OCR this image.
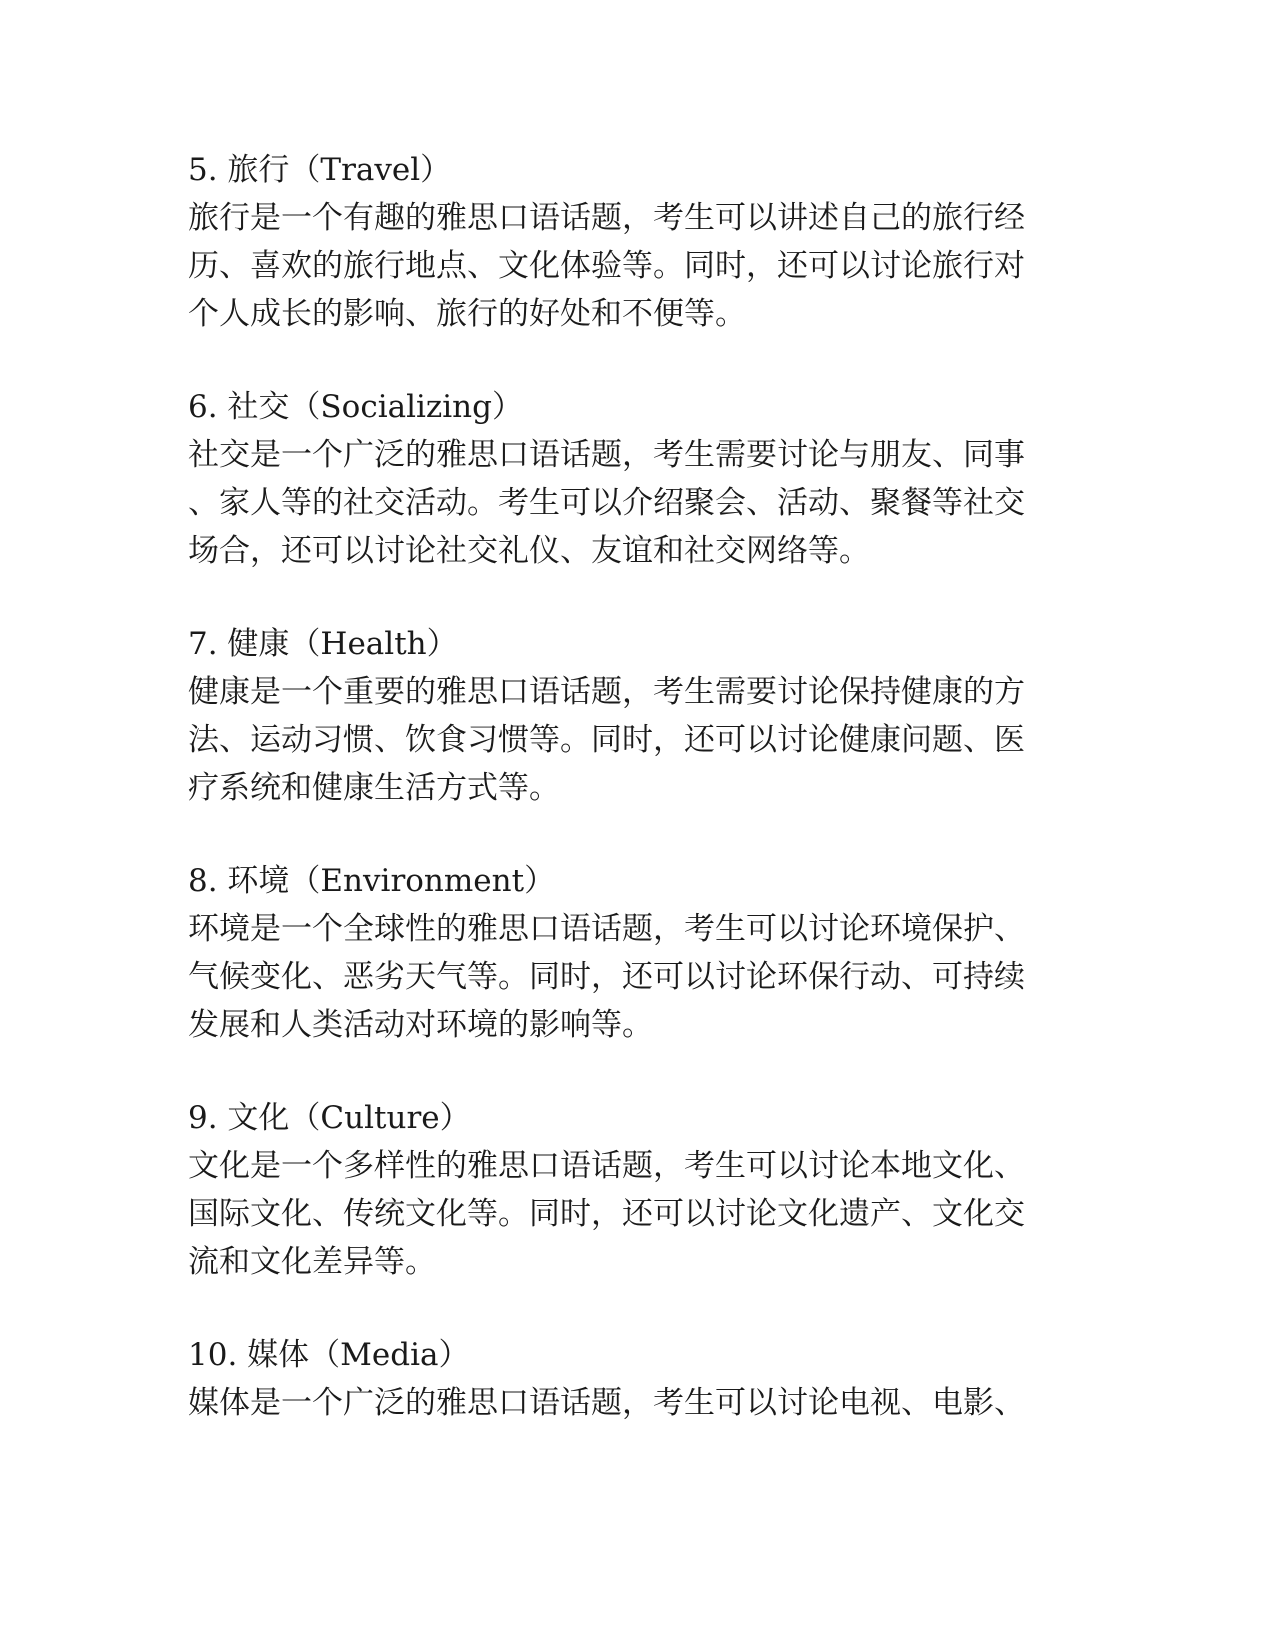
5. 旅行（Travel）
旅行是一个有趣的雅思口语话题，考生可以讲述自己的旅行经
历、喜欢的旅行地点、文化体验等。同时，还可以讨论旅行对
个人成长的影响、旅行的好处和不便等。
6. 社交（Socializing）
社交是一个广泛的雅思口语话题，考生需要讨论与朋友、同事
、家人等的社交活动。考生可以介绍聚会、活动、聚餐等社交
场合，还可以讨论社交礼仪、友谊和社交网络等。
7. 健康（Health）
健康是一个重要的雅思口语话题，考生需要讨论保持健康的方
法、运动习惯、饮食习惯等。同时，还可以讨论健康问题、医
疗系统和健康生活方式等。
8. 环境（Environment）
环境是一个全球性的雅思口语话题，考生可以讨论环境保护、
气候变化、恶劣天气等。同时，还可以讨论环保行动、可持续
发展和人类活动对环境的影响等。
9. 文化（Culture）
文化是一个多样性的雅思口语话题，考生可以讨论本地文化、
国际文化、传统文化等。同时，还可以讨论文化遗产、文化交
流和文化差异等。
10. 媒体（Media）
媒体是一个广泛的雅思口语话题，考生可以讨论电视、电影、
